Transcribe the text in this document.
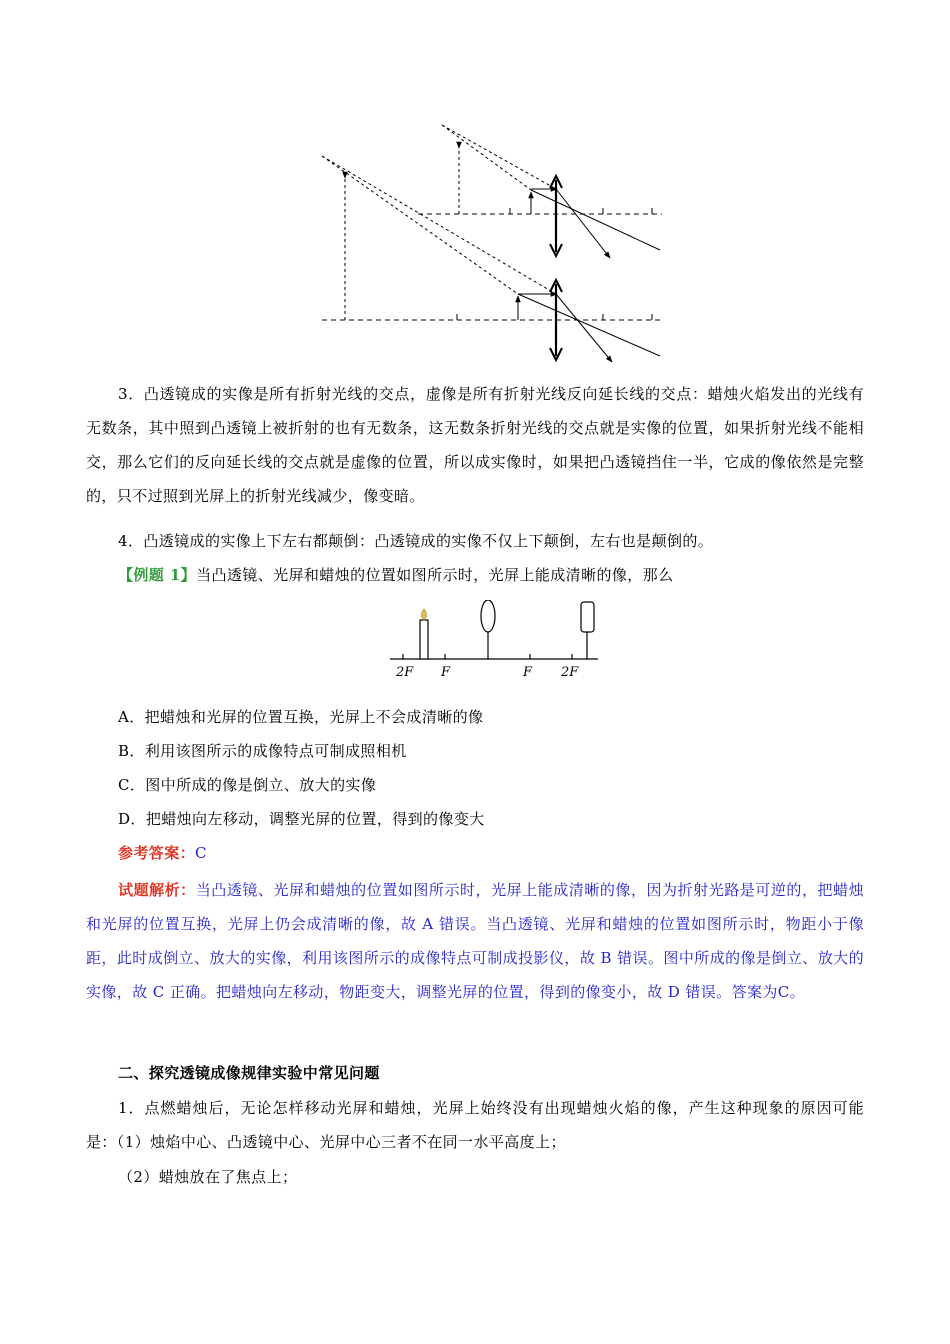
3．凸透镜成的实像是所有折射光线的交点，虚像是所有折射光线反向延长线的交点：蜡烛火焰发出的光线有无数条，其中照到凸透镜上被折射的也有无数条，这无数条折射光线的交点就是实像的位置，如果折射光线不能相交，那么它们的反向延长线的交点就是虚像的位置，所以成实像时，如果把凸透镜挡住一半，它成的像依然是完整的，只不过照到光屏上的折射光线减少，像变暗。
4．凸透镜成的实像上下左右都颠倒：凸透镜成的实像不仅上下颠倒，左右也是颠倒的。
【例题 1】当凸透镜、光屏和蜡烛的位置如图所示时，光屏上能成清晰的像，那么
2F F	F 2F
A．把蜡烛和光屏的位置互换，光屏上不会成清晰的像
B．利用该图所示的成像特点可制成照相机
C．图中所成的像是倒立、放大的实像
D．把蜡烛向左移动，调整光屏的位置，得到的像变大
参考答案：C
试题解析：当凸透镜、光屏和蜡烛的位置如图所示时，光屏上能成清晰的像，因为折射光路是可逆的，把蜡烛和光屏的位置互换，光屏上仍会成清晰的像，故 A 错误。当凸透镜、光屏和蜡烛的位置如图所示时，物距小于像距，此时成倒立、放大的实像，利用该图所示的成像特点可制成投影仪，故 B 错误。图中所成的像是倒立、放大的实像，故 C 正确。把蜡烛向左移动，物距变大，调整光屏的位置，得到的像变小，故 D 错误。答案为C。
二、探究透镜成像规律实验中常见问题
1．点燃蜡烛后，无论怎样移动光屏和蜡烛，光屏上始终没有出现蜡烛火焰的像，产生这种现象的原因可能是：（1）烛焰中心、凸透镜中心、光屏中心三者不在同一水平高度上；
（2）蜡烛放在了焦点上；
